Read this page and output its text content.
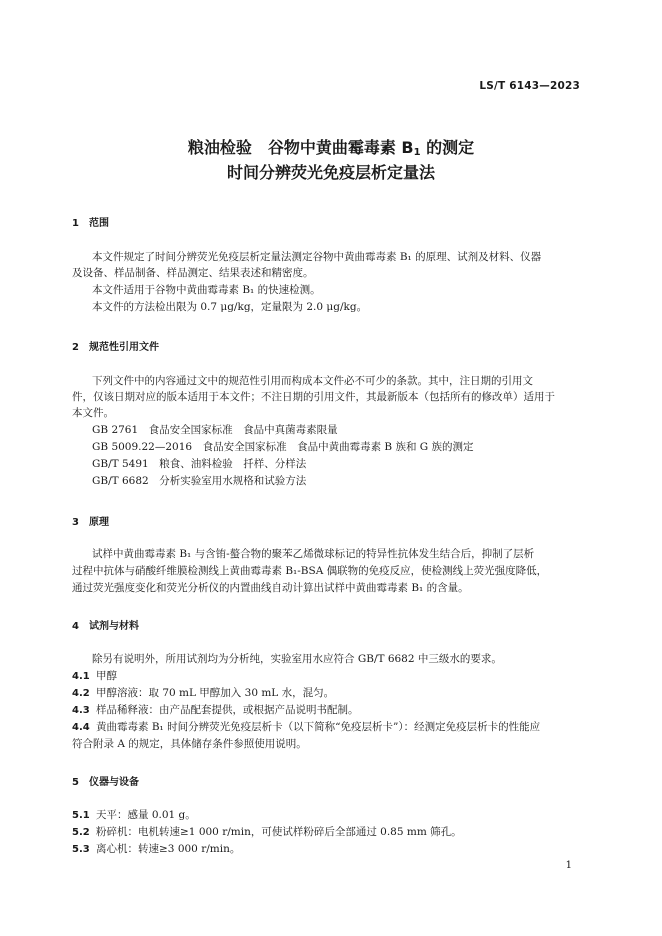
LS/T 6143—2023
粮油检验　谷物中黄曲霉毒素 $B_1$ 的测定
时间分辨荧光免疫层析定量法
1 范围
本文件规定了时间分辨荧光免疫层析定量法测定谷物中黄曲霉毒素 B₁ 的原理、试剂及材料、仪器
及设备、样品制备、样品测定、结果表述和精密度。
本文件适用于谷物中黄曲霉毒素 B₁ 的快速检测。
本文件的方法检出限为 0.7 μg/kg，定量限为 2.0 μg/kg。
2 规范性引用文件
下列文件中的内容通过文中的规范性引用而构成本文件必不可少的条款。其中，注日期的引用文
件，仅该日期对应的版本适用于本文件；不注日期的引用文件，其最新版本（包括所有的修改单）适用于
本文件。
GB 2761　食品安全国家标准　食品中真菌毒素限量
GB 5009.22—2016　食品安全国家标准　食品中黄曲霉毒素 B 族和 G 族的测定
GB/T 5491　粮食、油料检验　扦样、分样法
GB/T 6682　分析实验室用水规格和试验方法
3 原理
试样中黄曲霉毒素 B₁ 与含铕-螯合物的聚苯乙烯微球标记的特异性抗体发生结合后，抑制了层析
过程中抗体与硝酸纤维膜检测线上黄曲霉毒素 B₁-BSA 偶联物的免疫反应，使检测线上荧光强度降低，
通过荧光强度变化和荧光分析仪的内置曲线自动计算出试样中黄曲霉毒素 B₁ 的含量。
4 试剂与材料
除另有说明外，所用试剂均为分析纯，实验室用水应符合 GB/T 6682 中三级水的要求。
4.1 甲醇
4.2 甲醇溶液：取 70 mL 甲醇加入 30 mL 水，混匀。
4.3 样品稀释液：由产品配套提供，或根据产品说明书配制。
4.4 黄曲霉毒素 B₁ 时间分辨荧光免疫层析卡（以下简称“免疫层析卡”）：经测定免疫层析卡的性能应
符合附录 A 的规定，具体储存条件参照使用说明。
5 仪器与设备
5.1 天平：感量 0.01 g。
5.2 粉碎机：电机转速≥1 000 r/min，可使试样粉碎后全部通过 0.85 mm 筛孔。
5.3 离心机：转速≥3 000 r/min。
1
